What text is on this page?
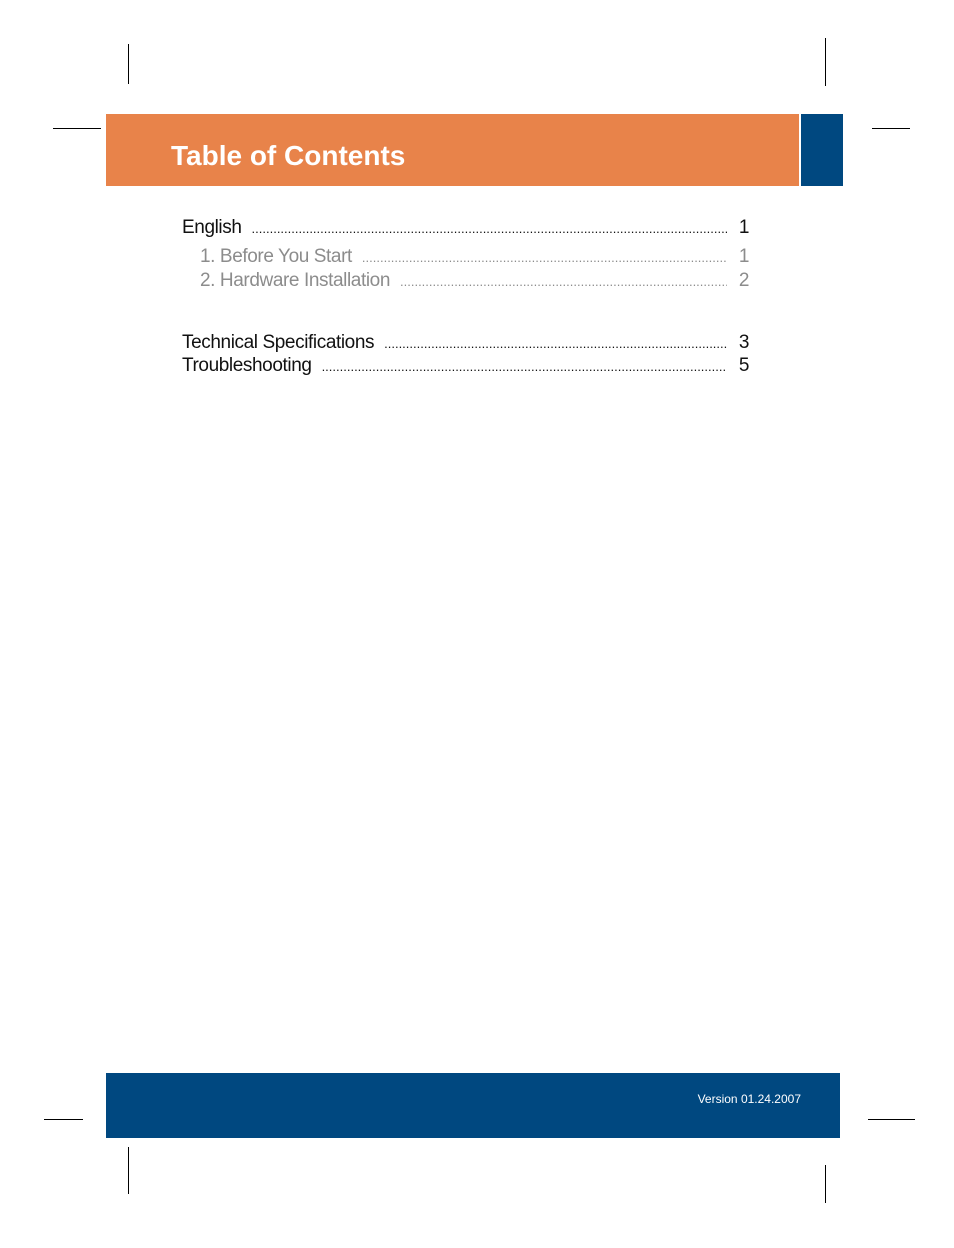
Table of Contents
English .....	1
1. Before You Start .....	1
2. Hardware Installation .....	2
Technical Specifications .....	3
Troubleshooting .....	5
Version 01.24.2007
